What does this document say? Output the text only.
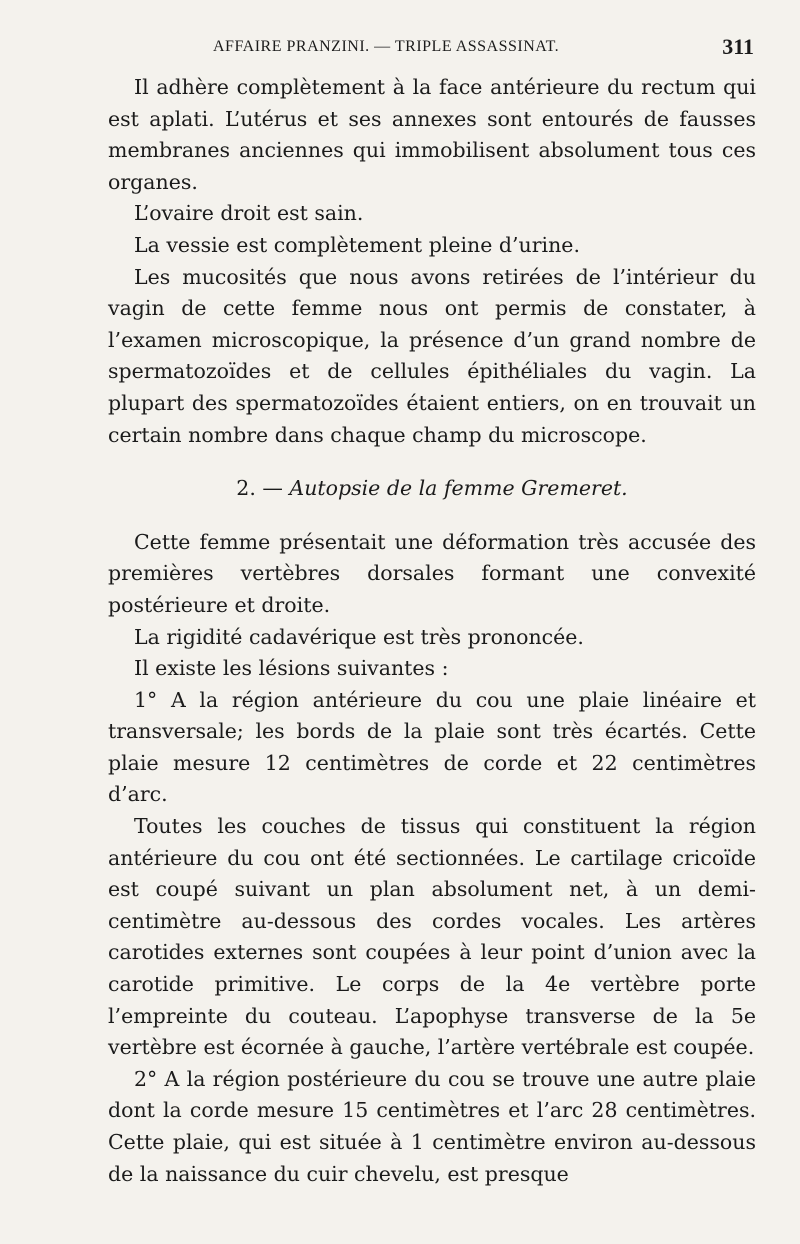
AFFAIRE PRANZINI. — TRIPLE ASSASSINAT.	311

Il adhère complètement à la face antérieure du rectum qui est aplati. L’utérus et ses annexes sont entourés de fausses membranes anciennes qui immobilisent absolument tous ces organes.

L’ovaire droit est sain.

La vessie est complètement pleine d’urine.

Les mucosités que nous avons retirées de l’intérieur du vagin de cette femme nous ont permis de constater, à l’examen microscopique, la présence d’un grand nombre de spermatozoïdes et de cellules épithéliales du vagin. La plupart des spermatozoïdes étaient entiers, on en trouvait un certain nombre dans chaque champ du microscope.

2. — Autopsie de la femme Gremeret.

Cette femme présentait une déformation très accusée des premières vertèbres dorsales formant une convexité postérieure et droite.

La rigidité cadavérique est très prononcée.

Il existe les lésions suivantes :

1° A la région antérieure du cou une plaie linéaire et transversale; les bords de la plaie sont très écartés. Cette plaie mesure 12 centimètres de corde et 22 centimètres d’arc.

Toutes les couches de tissus qui constituent la région antérieure du cou ont été sectionnées. Le cartilage cricoïde est coupé suivant un plan absolument net, à un demi-centimètre au-dessous des cordes vocales. Les artères carotides externes sont coupées à leur point d’union avec la carotide primitive. Le corps de la 4e vertèbre porte l’empreinte du couteau. L’apophyse transverse de la 5e vertèbre est écornée à gauche, l’artère vertébrale est coupée.

2° A la région postérieure du cou se trouve une autre plaie dont la corde mesure 15 centimètres et l’arc 28 centimètres. Cette plaie, qui est située à 1 centimètre environ au-dessous de la naissance du cuir chevelu, est presque
